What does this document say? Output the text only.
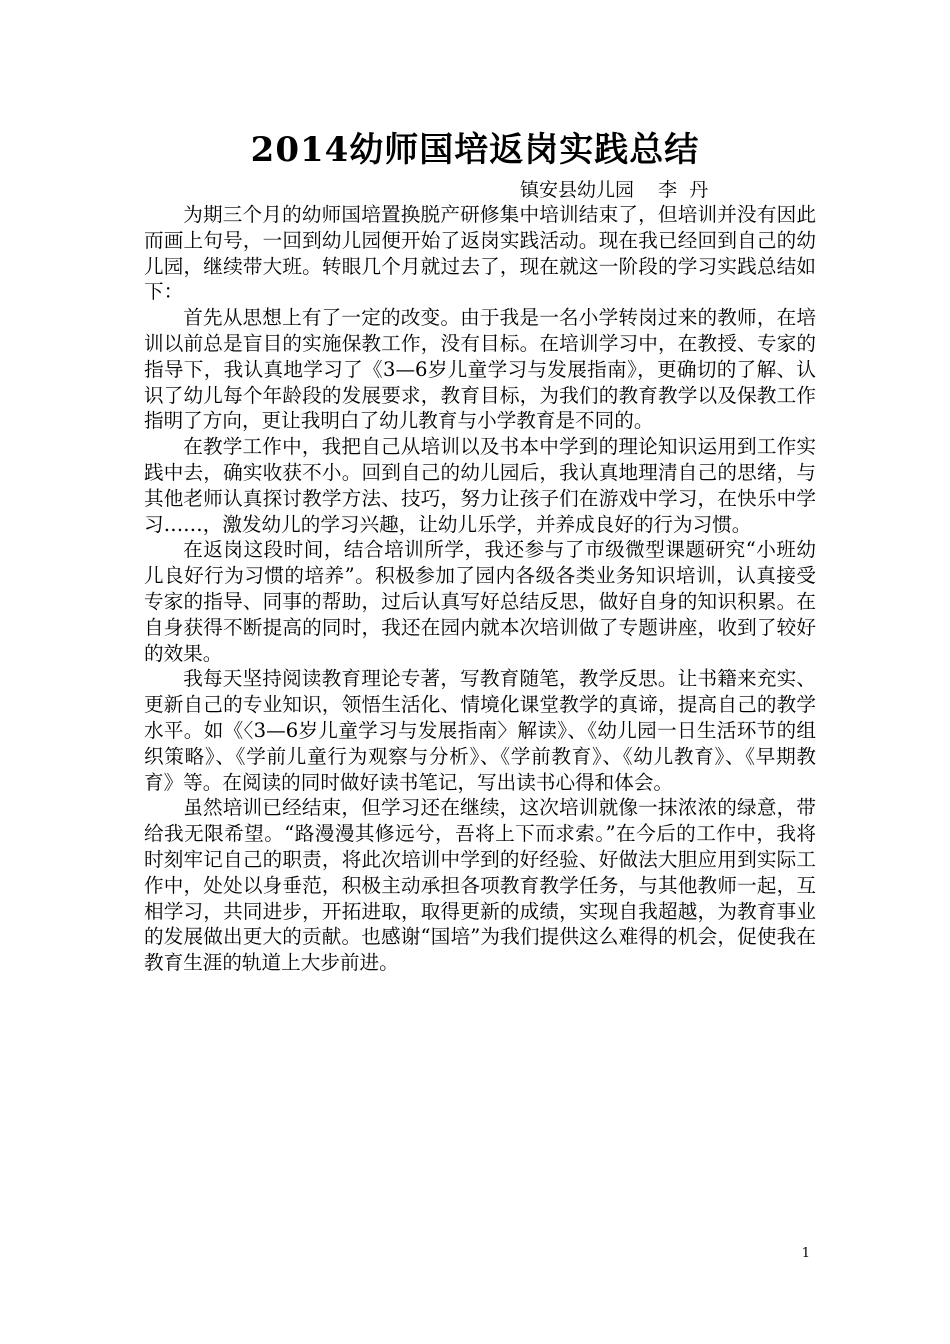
2014幼师国培返岗实践总结
镇安县幼儿园    李  丹

为期三个月的幼师国培置换脱产研修集中培训结束了，但培训并没有因此而画上句号，一回到幼儿园便开始了返岗实践活动。现在我已经回到自己的幼儿园，继续带大班。转眼几个月就过去了，现在就这一阶段的学习实践总结如下：

首先从思想上有了一定的改变。由于我是一名小学转岗过来的教师，在培训以前总是盲目的实施保教工作，没有目标。在培训学习中，在教授、专家的指导下，我认真地学习了《3—6岁儿童学习与发展指南》，更确切的了解、认识了幼儿每个年龄段的发展要求，教育目标，为我们的教育教学以及保教工作指明了方向，更让我明白了幼儿教育与小学教育是不同的。

在教学工作中，我把自己从培训以及书本中学到的理论知识运用到工作实践中去，确实收获不小。回到自己的幼儿园后，我认真地理清自己的思绪，与其他老师认真探讨教学方法、技巧，努力让孩子们在游戏中学习，在快乐中学习……，激发幼儿的学习兴趣，让幼儿乐学，并养成良好的行为习惯。

在返岗这段时间，结合培训所学，我还参与了市级微型课题研究“小班幼儿良好行为习惯的培养”。积极参加了园内各级各类业务知识培训，认真接受专家的指导、同事的帮助，过后认真写好总结反思，做好自身的知识积累。在自身获得不断提高的同时，我还在园内就本次培训做了专题讲座，收到了较好的效果。

我每天坚持阅读教育理论专著，写教育随笔，教学反思。让书籍来充实、更新自己的专业知识，领悟生活化、情境化课堂教学的真谛，提高自己的教学水平。如《〈3—6岁儿童学习与发展指南〉解读》、《幼儿园一日生活环节的组织策略》、《学前儿童行为观察与分析》、《学前教育》、《幼儿教育》、《早期教育》等。在阅读的同时做好读书笔记，写出读书心得和体会。

虽然培训已经结束，但学习还在继续，这次培训就像一抹浓浓的绿意，带给我无限希望。“路漫漫其修远兮，吾将上下而求索。”在今后的工作中，我将时刻牢记自己的职责，将此次培训中学到的好经验、好做法大胆应用到实际工作中，处处以身垂范，积极主动承担各项教育教学任务，与其他教师一起，互相学习，共同进步，开拓进取，取得更新的成绩，实现自我超越，为教育事业的发展做出更大的贡献。也感谢“国培”为我们提供这么难得的机会，促使我在教育生涯的轨道上大步前进。

1
